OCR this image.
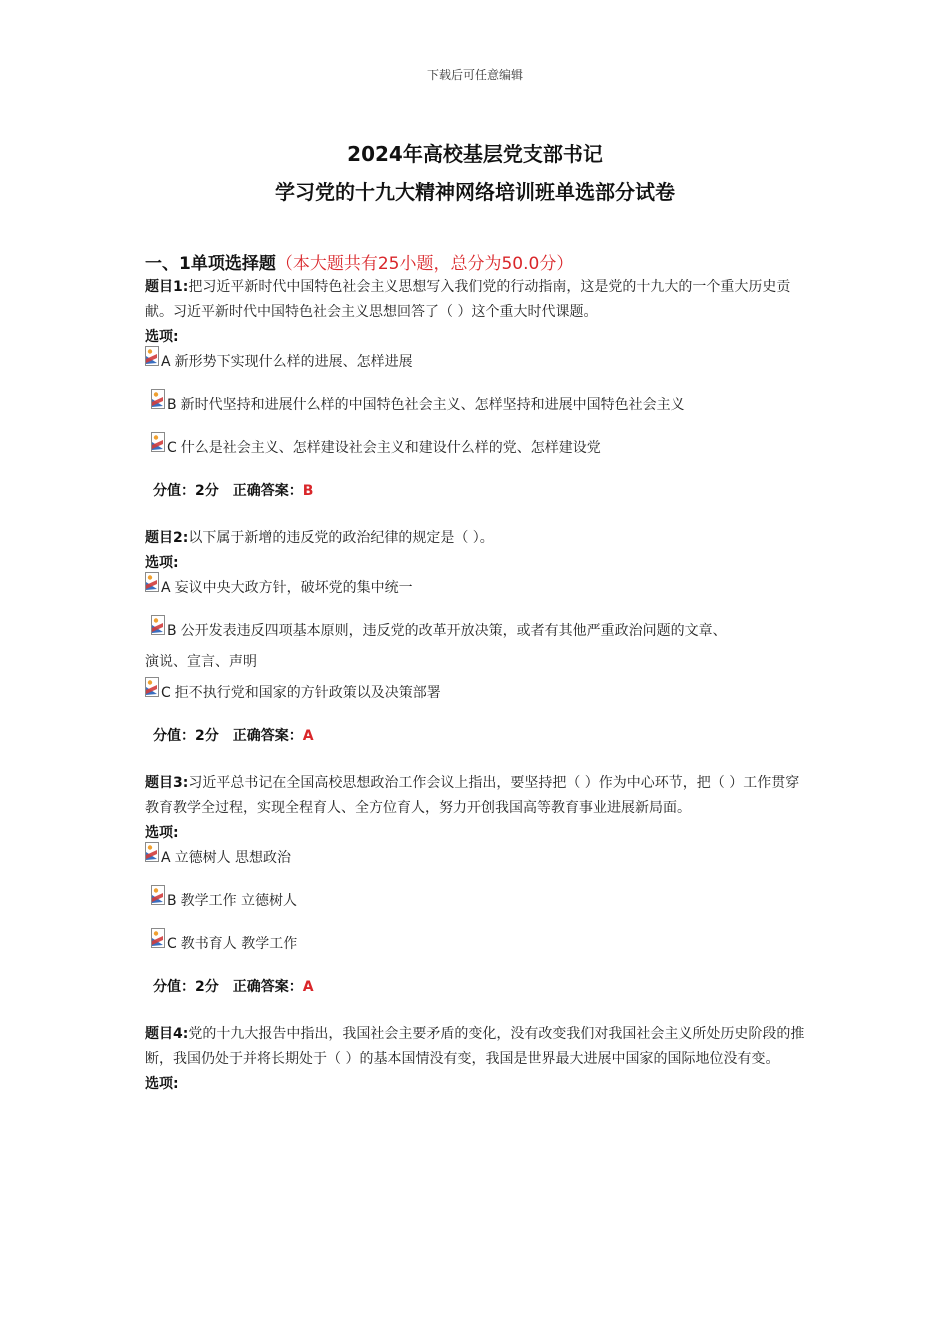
下载后可任意编辑
2024年高校基层党支部书记
学习党的十九大精神网络培训班单选部分试卷
一、1单项选择题（本大题共有25小题，总分为50.0分）
题目1:把习近平新时代中国特色社会主义思想写入我们党的行动指南，这是党的十九大的一个重大历史贡献。习近平新时代中国特色社会主义思想回答了（ ）这个重大时代课题。
选项:
A 新形势下实现什么样的进展、怎样进展
B 新时代坚持和进展什么样的中国特色社会主义、怎样坚持和进展中国特色社会主义
C 什么是社会主义、怎样建设社会主义和建设什么样的党、怎样建设党
分值：2分 正确答案：B
题目2:以下属于新增的违反党的政治纪律的规定是（ ）。
选项:
A 妄议中央大政方针，破坏党的集中统一
B 公开发表违反四项基本原则，违反党的改革开放决策，或者有其他严重政治问题的文章、
演说、宣言、声明
C 拒不执行党和国家的方针政策以及决策部署
分值：2分 正确答案：A
题目3:习近平总书记在全国高校思想政治工作会议上指出，要坚持把（ ）作为中心环节，把（ ）工作贯穿教育教学全过程，实现全程育人、全方位育人，努力开创我国高等教育事业进展新局面。
选项:
A 立德树人 思想政治
B 教学工作 立德树人
C 教书育人 教学工作
分值：2分 正确答案：A
题目4:党的十九大报告中指出，我国社会主要矛盾的变化，没有改变我们对我国社会主义所处历史阶段的推断，我国仍处于并将长期处于（ ）的基本国情没有变，我国是世界最大进展中国家的国际地位没有变。
选项:
